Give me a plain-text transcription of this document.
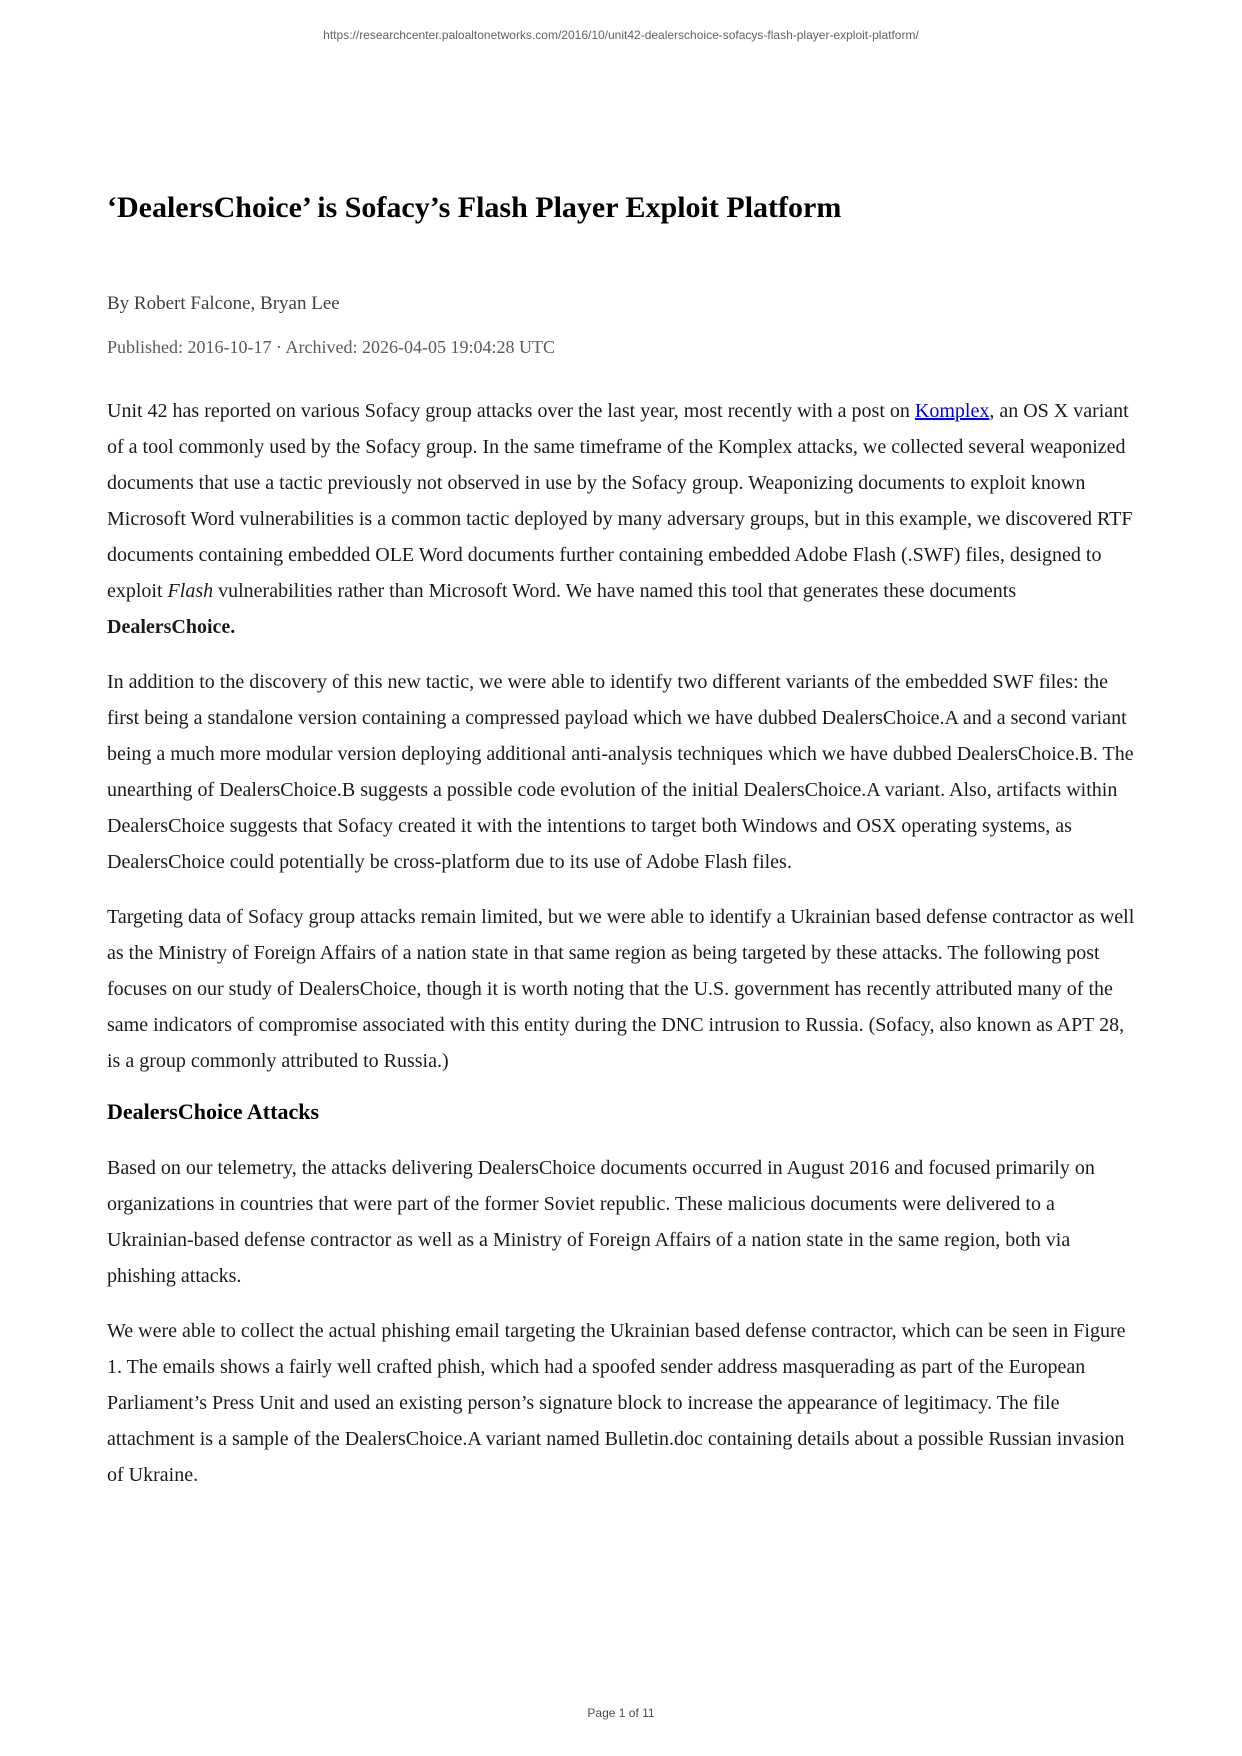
https://researchcenter.paloaltonetworks.com/2016/10/unit42-dealerschoice-sofacys-flash-player-exploit-platform/
‘DealersChoice’ is Sofacy’s Flash Player Exploit Platform

By Robert Falcone, Bryan Lee

Published: 2016-10-17 · Archived: 2026-04-05 19:04:28 UTC

Unit 42 has reported on various Sofacy group attacks over the last year, most recently with a post on Komplex, an OS X variant of a tool commonly used by the Sofacy group. In the same timeframe of the Komplex attacks, we collected several weaponized documents that use a tactic previously not observed in use by the Sofacy group. Weaponizing documents to exploit known Microsoft Word vulnerabilities is a common tactic deployed by many adversary groups, but in this example, we discovered RTF documents containing embedded OLE Word documents further containing embedded Adobe Flash (.SWF) files, designed to exploit Flash vulnerabilities rather than Microsoft Word. We have named this tool that generates these documents DealersChoice.

In addition to the discovery of this new tactic, we were able to identify two different variants of the embedded SWF files: the first being a standalone version containing a compressed payload which we have dubbed DealersChoice.A and a second variant being a much more modular version deploying additional anti-analysis techniques which we have dubbed DealersChoice.B. The unearthing of DealersChoice.B suggests a possible code evolution of the initial DealersChoice.A variant. Also, artifacts within DealersChoice suggests that Sofacy created it with the intentions to target both Windows and OSX operating systems, as DealersChoice could potentially be cross-platform due to its use of Adobe Flash files.

Targeting data of Sofacy group attacks remain limited, but we were able to identify a Ukrainian based defense contractor as well as the Ministry of Foreign Affairs of a nation state in that same region as being targeted by these attacks. The following post focuses on our study of DealersChoice, though it is worth noting that the U.S. government has recently attributed many of the same indicators of compromise associated with this entity during the DNC intrusion to Russia. (Sofacy, also known as APT 28, is a group commonly attributed to Russia.)

DealersChoice Attacks

Based on our telemetry, the attacks delivering DealersChoice documents occurred in August 2016 and focused primarily on organizations in countries that were part of the former Soviet republic. These malicious documents were delivered to a Ukrainian-based defense contractor as well as a Ministry of Foreign Affairs of a nation state in the same region, both via phishing attacks.

We were able to collect the actual phishing email targeting the Ukrainian based defense contractor, which can be seen in Figure 1. The emails shows a fairly well crafted phish, which had a spoofed sender address masquerading as part of the European Parliament’s Press Unit and used an existing person’s signature block to increase the appearance of legitimacy. The file attachment is a sample of the DealersChoice.A variant named Bulletin.doc containing details about a possible Russian invasion of Ukraine.

Page 1 of 11
